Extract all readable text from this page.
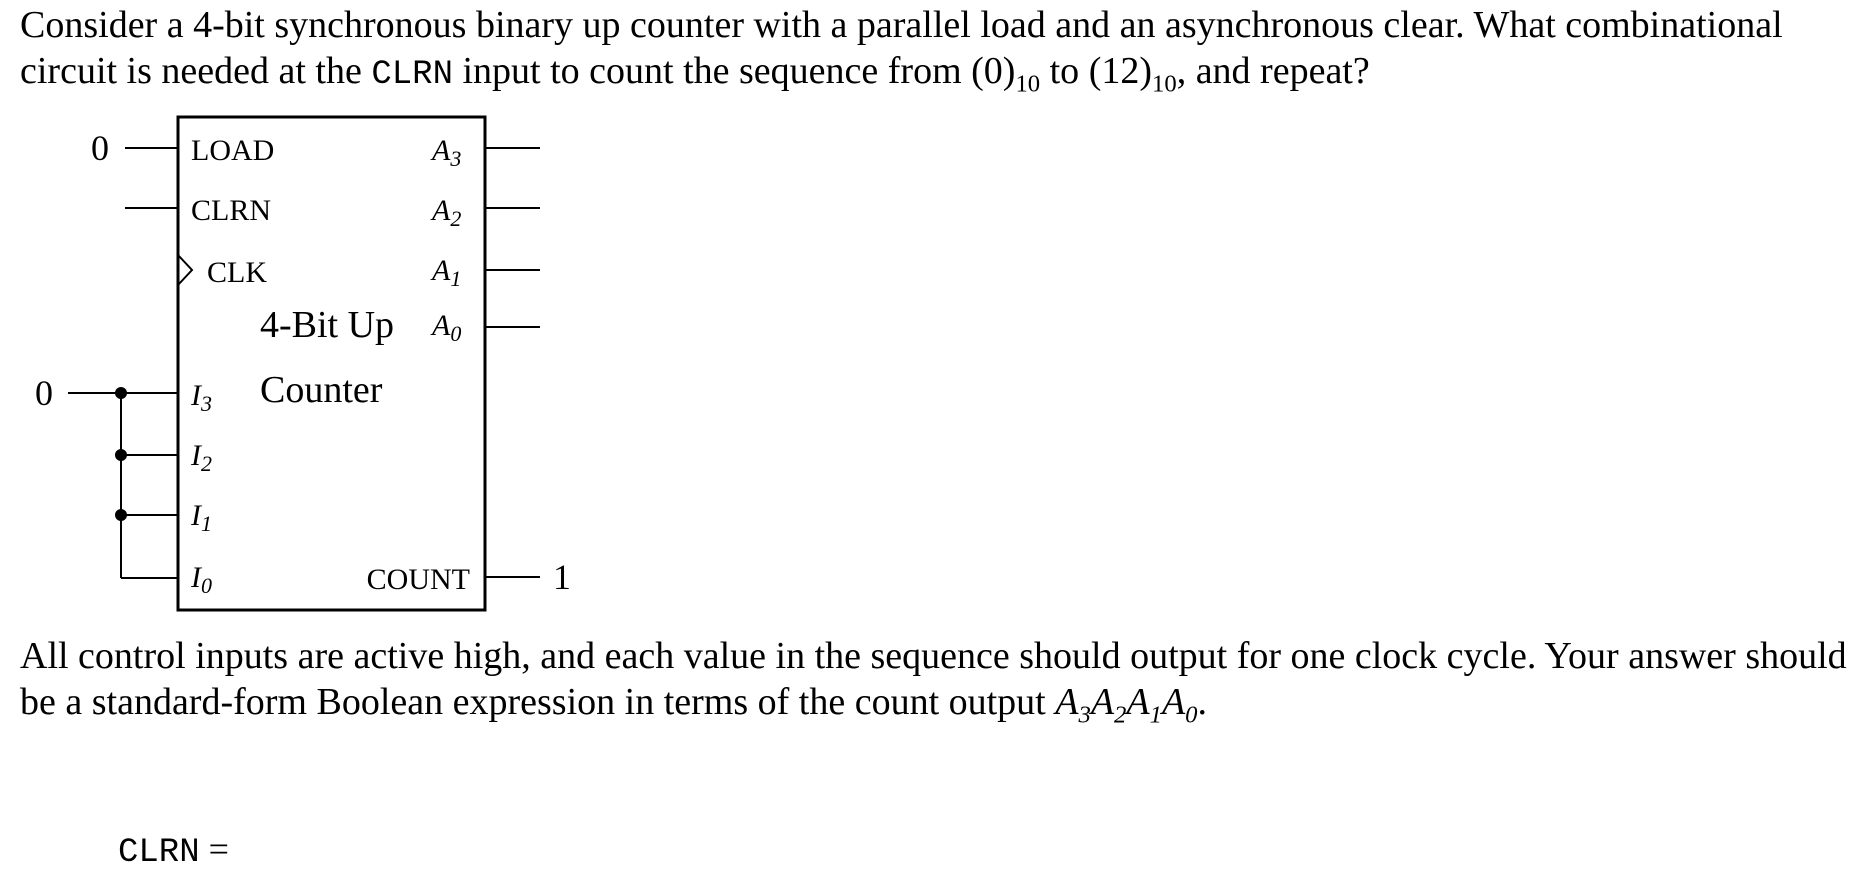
Consider a 4-bit synchronous binary up counter with a parallel load and an asynchronous clear. What combinational circuit is needed at the CLRN input to count the sequence from $(0)_{10}$ to $(12)_{10}$, and repeat?

0	LOAD
CLRN
CLK
4-Bit Up
Counter
$A_3$
$A_2$
$A_1$
$A_0$
0	$I_3$
$I_2$
$I_1$
$I_0$	COUNT 1

All control inputs are active high, and each value in the sequence should output for one clock cycle. Your answer should be a standard-form Boolean expression in terms of the count output $A_3A_2A_1A_0$.

CLRN =
